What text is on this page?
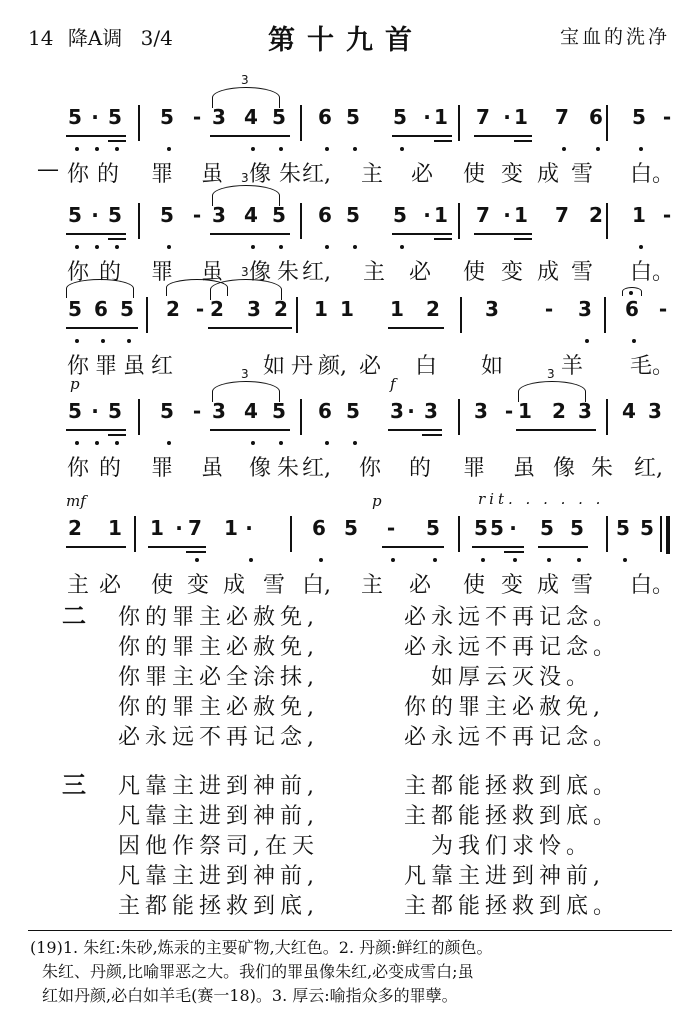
14 降A调 3/4	第十九首	宝血的洗净
5 · 5 5 - 3 4 5 6 5 5 · 1 7 · 1 7 6 5 -
3
— 你 的 罪 虽 像 朱 红, 主 必 使 变 成 雪 白。
5 · 5 5 - 3 4 5 6 5 5 · 1 7 · 1 7 2 1 -
3
你 的 罪 虽 像 朱 红, 主 必 使 变 成 雪 白。
5 6 5 2 - 2 3 2 1 1 1 2 3 - 3 6 -
3
你 罪 虽 红	如 丹 颜, 必 白 如	羊 毛。
5 · 5 5 - 3 4 5 6 5 3 · 3 3 - 1 2 3 4 3
3	3
p	f
你 的 罪 虽 像 朱 红, 你 的 罪 虽 像 朱 红,
2 1 1 · 7 1 ·	6 5 - 5 5 5 · 5 5 5 5
mf	p	rit. . . . . .
主 必 使 变 成 雪 白, 主 必 使 变 成 雪 白。
二 你的罪主必赦免,	必永远不再记念。
你的罪主必赦免,	必永远不再记念。
你罪主必全涂抹,	　如厚云灭没。
你的罪主必赦免,	你的罪主必赦免,
必永远不再记念,	必永远不再记念。
三 凡靠主进到神前,	主都能拯救到底。
凡靠主进到神前,	主都能拯救到底。
因他作祭司,在天	　为我们求怜。
凡靠主进到神前,	凡靠主进到神前,
主都能拯救到底,	主都能拯救到底。
(19)1. 朱红:朱砂,炼汞的主要矿物,大红色。2. 丹颜:鲜红的颜色。
朱红、丹颜,比喻罪恶之大。我们的罪虽像朱红,必变成雪白;虽
红如丹颜,必白如羊毛(赛一18)。3. 厚云:喻指众多的罪孽。
